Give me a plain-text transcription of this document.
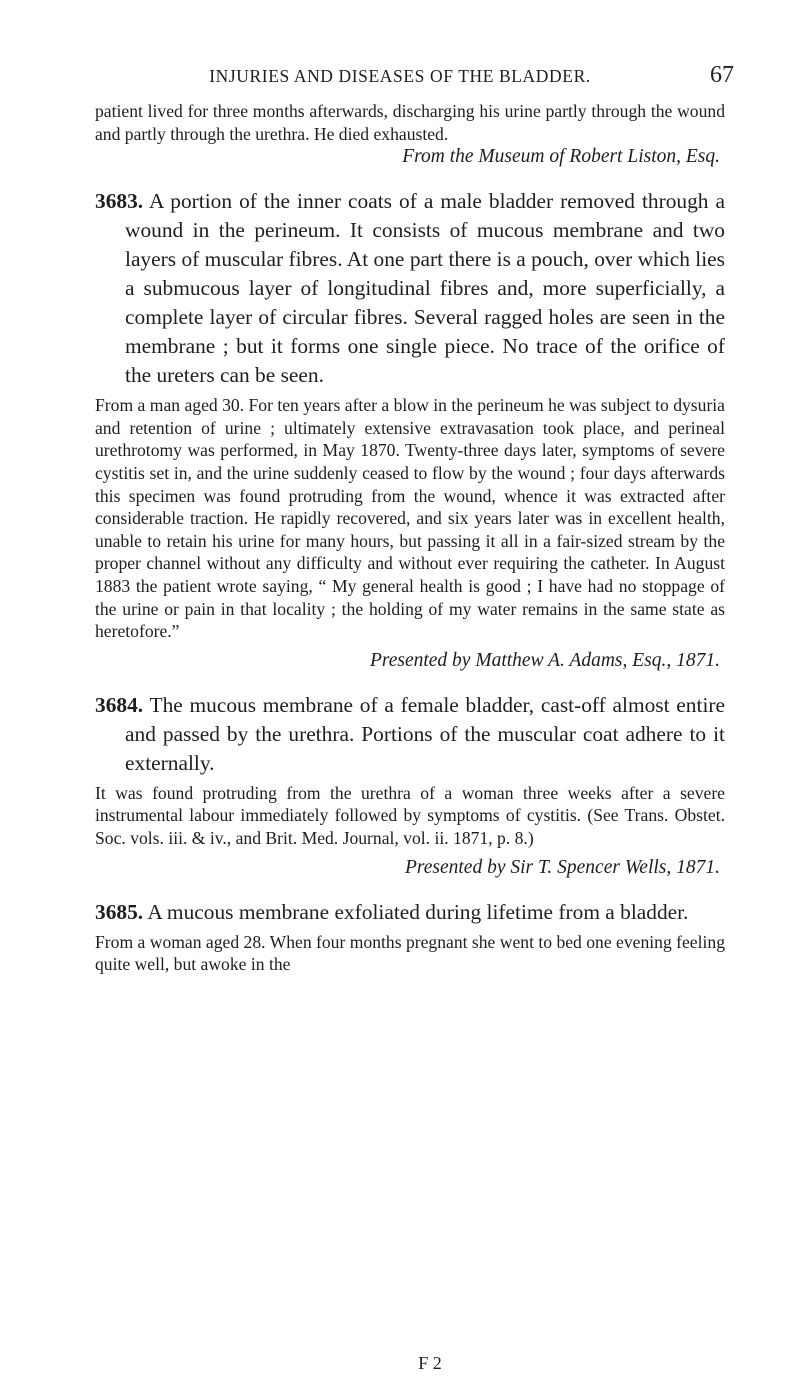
INJURIES AND DISEASES OF THE BLADDER.	67

patient lived for three months afterwards, discharging his urine partly through the wound and partly through the urethra. He died exhausted.

From the Museum of Robert Liston, Esq.

3683. A portion of the inner coats of a male bladder removed through a wound in the perineum. It consists of mucous membrane and two layers of muscular fibres. At one part there is a pouch, over which lies a submucous layer of longitudinal fibres and, more superficially, a complete layer of circular fibres. Several ragged holes are seen in the membrane ; but it forms one single piece. No trace of the orifice of the ureters can be seen.

From a man aged 30. For ten years after a blow in the perineum he was subject to dysuria and retention of urine ; ultimately extensive extravasation took place, and perineal urethrotomy was performed, in May 1870. Twenty-three days later, symptoms of severe cystitis set in, and the urine suddenly ceased to flow by the wound ; four days afterwards this specimen was found protruding from the wound, whence it was extracted after considerable traction. He rapidly recovered, and six years later was in excellent health, unable to retain his urine for many hours, but passing it all in a fair-sized stream by the proper channel without any difficulty and without ever requiring the catheter. In August 1883 the patient wrote saying, “ My general health is good ; I have had no stoppage of the urine or pain in that locality ; the holding of my water remains in the same state as heretofore.”

Presented by Matthew A. Adams, Esq., 1871.

3684. The mucous membrane of a female bladder, cast-off almost entire and passed by the urethra. Portions of the muscular coat adhere to it externally.

It was found protruding from the urethra of a woman three weeks after a severe instrumental labour immediately followed by symptoms of cystitis. (See Trans. Obstet. Soc. vols. iii. & iv., and Brit. Med. Journal, vol. ii. 1871, p. 8.)

Presented by Sir T. Spencer Wells, 1871.

3685. A mucous membrane exfoliated during lifetime from a bladder.

From a woman aged 28. When four months pregnant she went to bed one evening feeling quite well, but awoke in the

F 2
